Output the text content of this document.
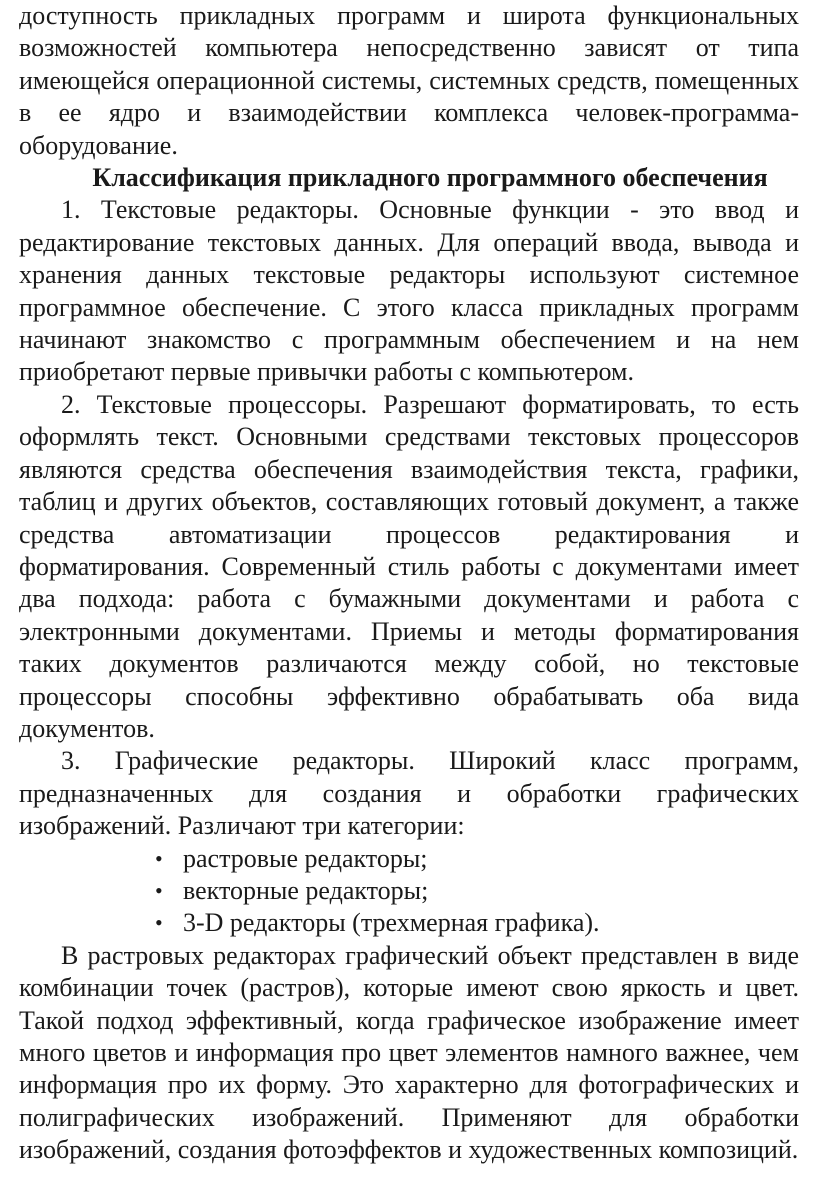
доступность прикладных программ и широта функциональных возможностей компьютера непосредственно зависят от типа имеющейся операционной системы, системных средств, помещенных в ее ядро и взаимодействии комплекса человек-программа-оборудование.

Классификация прикладного программного обеспечения

1. Текстовые редакторы. Основные функции - это ввод и редактирование текстовых данных. Для операций ввода, вывода и хранения данных текстовые редакторы используют системное программное обеспечение. С этого класса прикладных программ начинают знакомство с программным обеспечением и на нем приобретают первые привычки работы с компьютером.

2. Текстовые процессоры. Разрешают форматировать, то есть оформлять текст. Основными средствами текстовых процессоров являются средства обеспечения взаимодействия текста, графики, таблиц и других объектов, составляющих готовый документ, а также средства автоматизации процессов редактирования и форматирования. Современный стиль работы с документами имеет два подхода: работа с бумажными документами и работа с электронными документами. Приемы и методы форматирования таких документов различаются между собой, но текстовые процессоры способны эффективно обрабатывать оба вида документов.

3. Графические редакторы. Широкий класс программ, предназначенных для создания и обработки графических изображений. Различают три категории:

• растровые редакторы;
• векторные редакторы;
• 3-D редакторы (трехмерная графика).

В растровых редакторах графический объект представлен в виде комбинации точек (растров), которые имеют свою яркость и цвет. Такой подход эффективный, когда графическое изображение имеет много цветов и информация про цвет элементов намного важнее, чем информация про их форму. Это характерно для фотографических и полиграфических изображений. Применяют для обработки изображений, создания фотоэффектов и художественных композиций.
